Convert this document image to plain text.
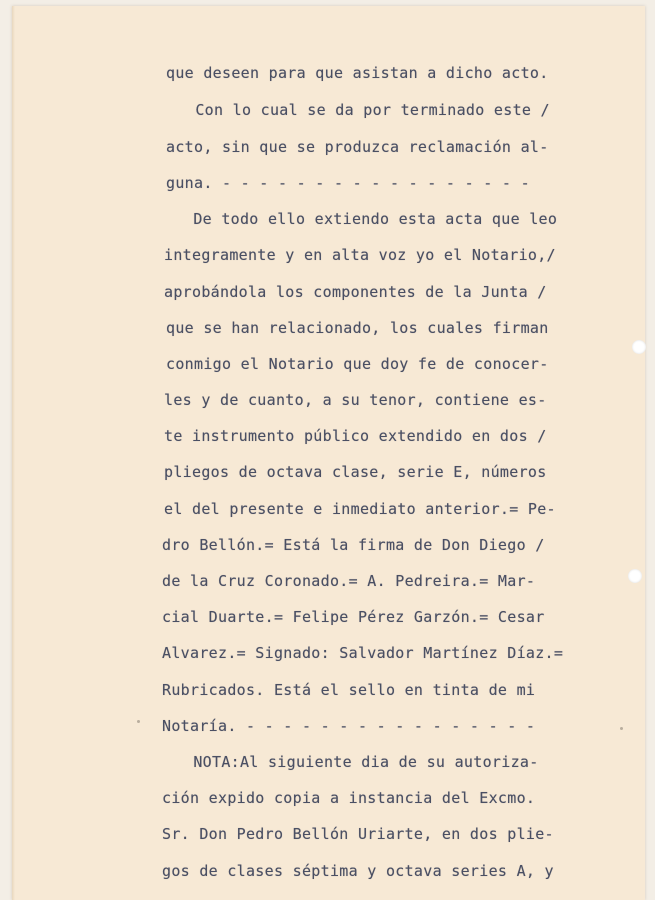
que deseen para que asistan a dicho acto.

Con lo cual se da por terminado este /

acto, sin que se produzca reclamación al-

guna. - - - - - - - - - - - - - - - - -

De todo ello extiendo esta acta que leo

integramente y en alta voz yo el Notario,/

aprobándola los componentes de la Junta /

que se han relacionado, los cuales firman

conmigo el Notario que doy fe de conocer-

les y de cuanto, a su tenor, contiene es-

te instrumento público extendido en dos /

pliegos de octava clase, serie E, números

el del presente e inmediato anterior.= Pe-

dro Bellón.= Está la firma de Don Diego /

de la Cruz Coronado.= A. Pedreira.= Mar-

cial Duarte.= Felipe Pérez Garzón.= Cesar

Alvarez.= Signado: Salvador Martínez Díaz.=

Rubricados. Está el sello en tinta de mi

Notaría. - - - - - - - - - - - - - - - -

NOTA:Al siguiente dia de su autoriza-

ción expido copia a instancia del Excmo.

Sr. Don Pedro Bellón Uriarte, en dos plie-

gos de clases séptima y octava series A, y
